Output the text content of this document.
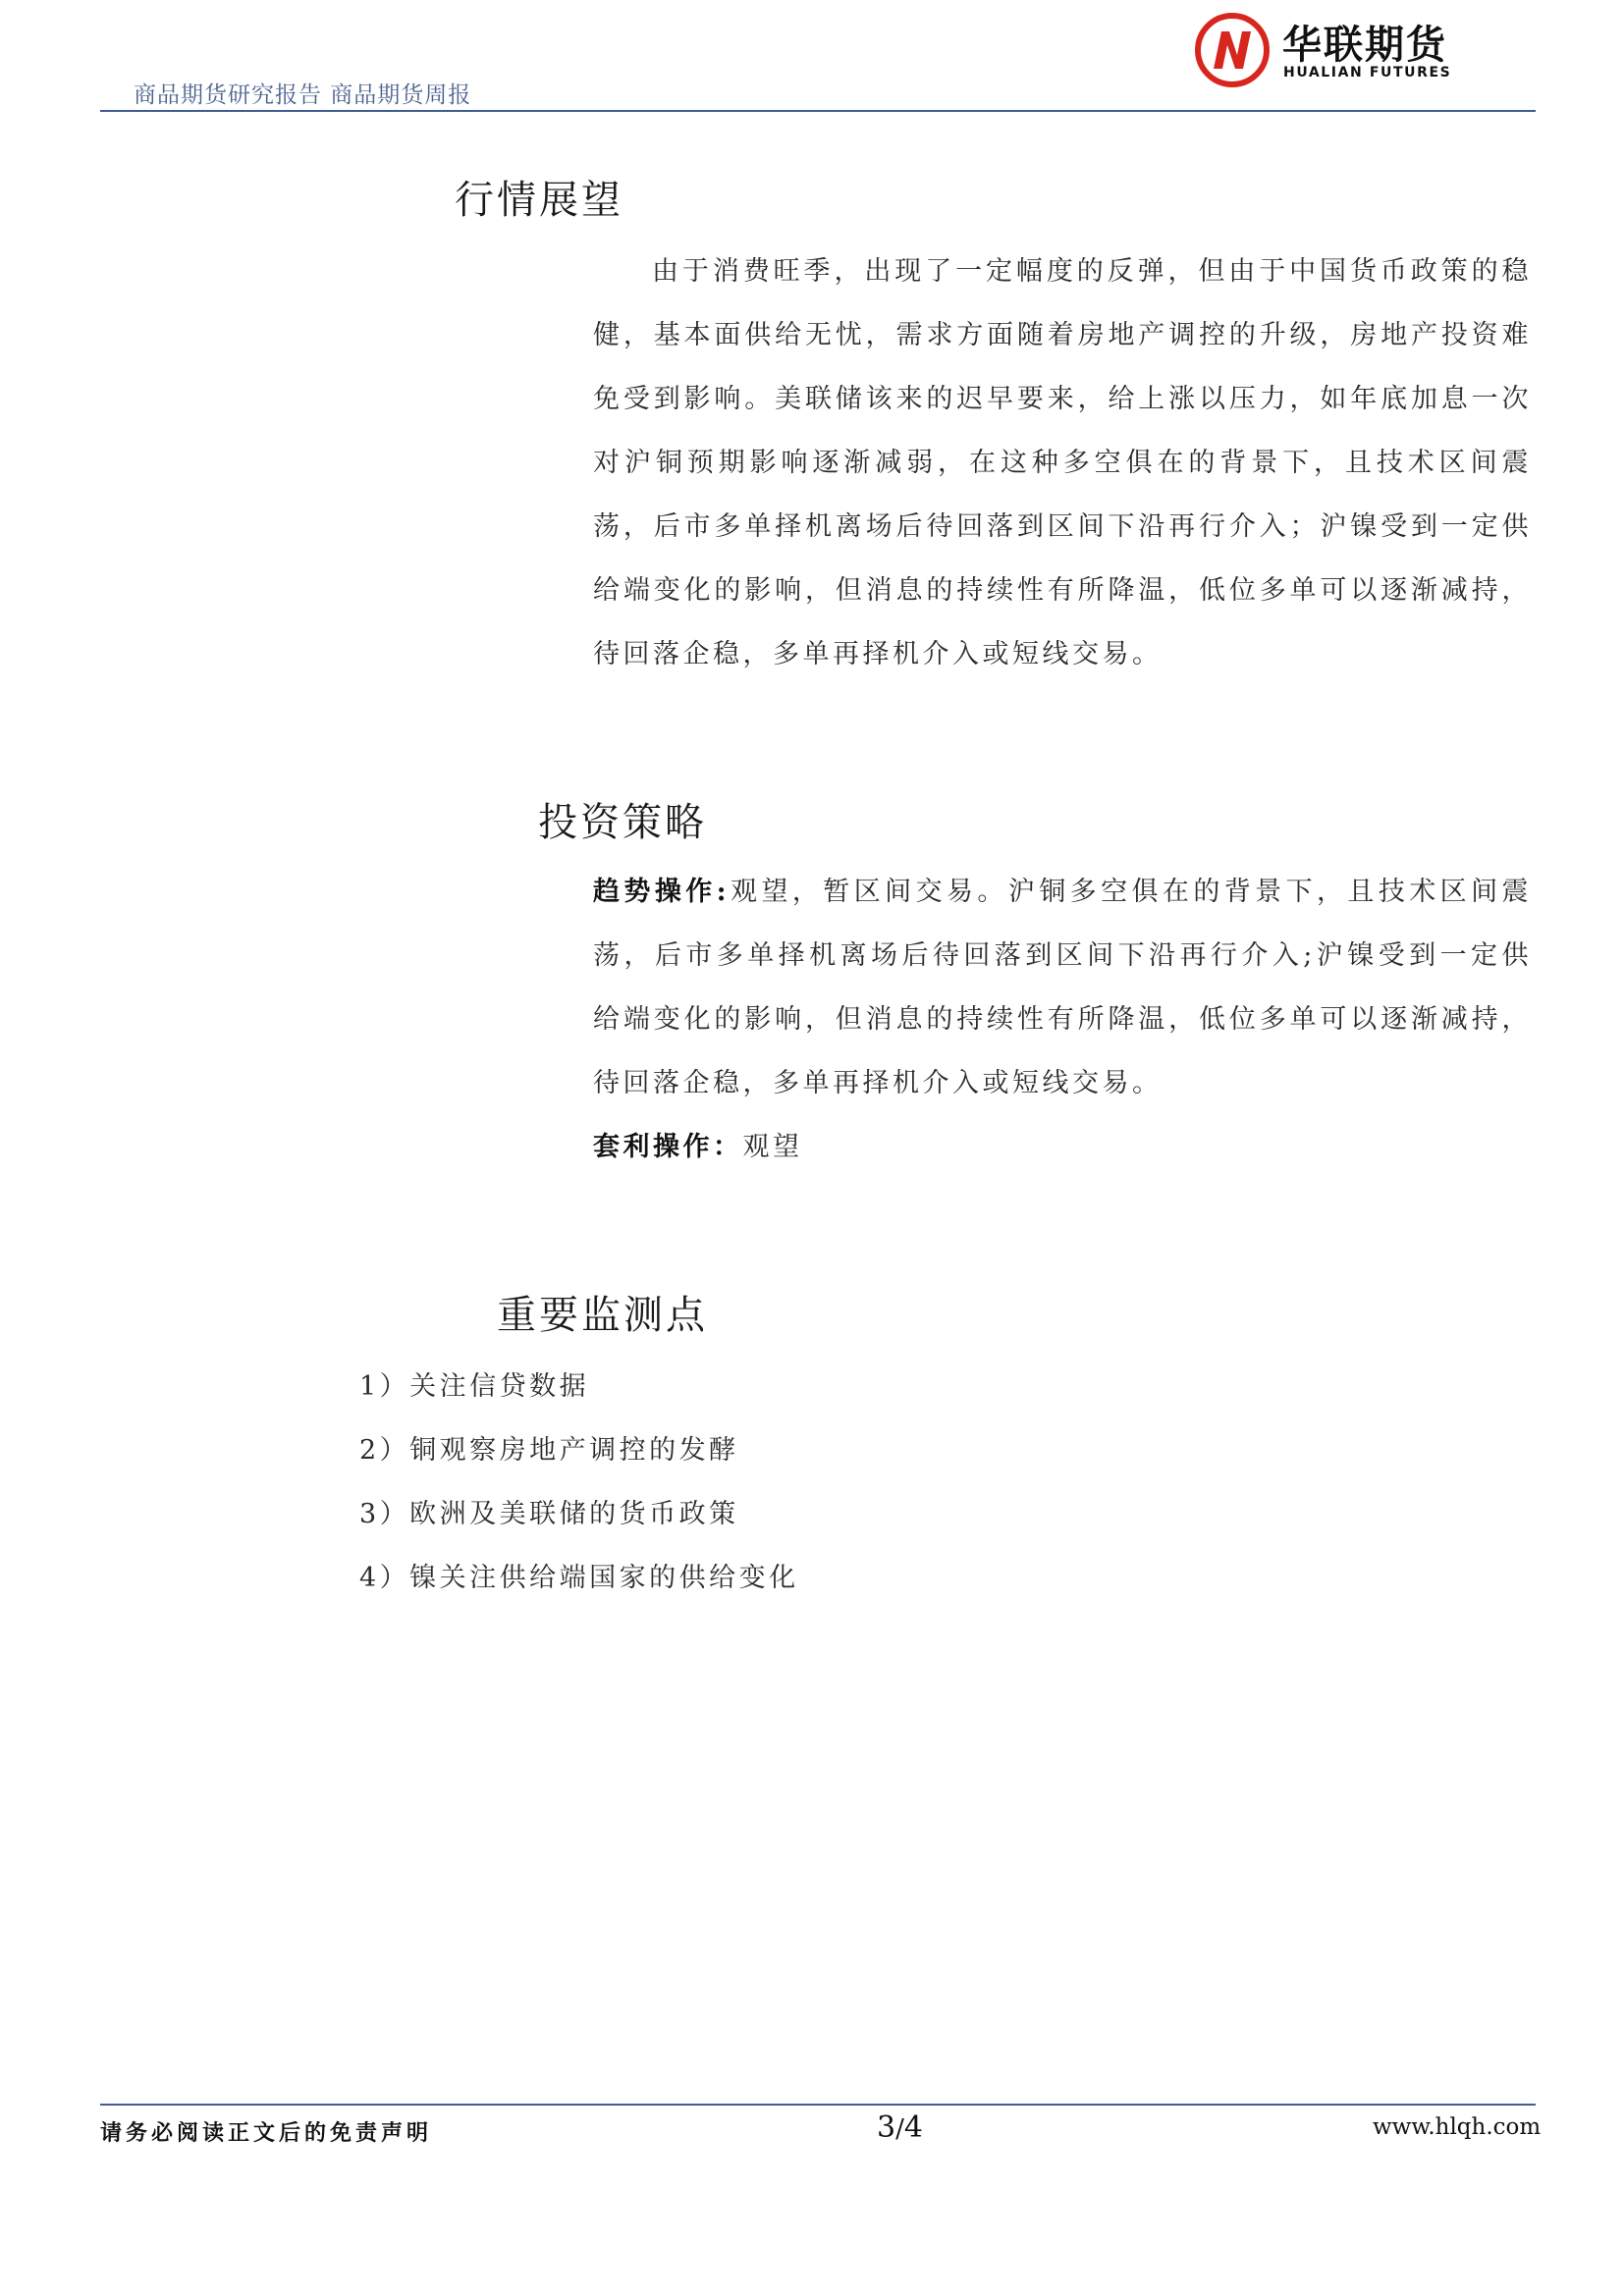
商品期货研究报告 商品期货周报
华联期货
HUALIAN FUTURES
行情展望
由于消费旺季，出现了一定幅度的反弹，但由于中国货币政策的稳健，基本面供给无忧，需求方面随着房地产调控的升级，房地产投资难免受到影响。美联储该来的迟早要来，给上涨以压力，如年底加息一次对沪铜预期影响逐渐减弱，在这种多空俱在的背景下，且技术区间震荡，后市多单择机离场后待回落到区间下沿再行介入；沪镍受到一定供给端变化的影响，但消息的持续性有所降温，低位多单可以逐渐减持，待回落企稳，多单再择机介入或短线交易。
投资策略
趋势操作:观望，暂区间交易。沪铜多空俱在的背景下，且技术区间震荡，后市多单择机离场后待回落到区间下沿再行介入;沪镍受到一定供给端变化的影响，但消息的持续性有所降温，低位多单可以逐渐减持，待回落企稳，多单再择机介入或短线交易。
套利操作：观望
重要监测点
1）关注信贷数据
2）铜观察房地产调控的发酵
3）欧洲及美联储的货币政策
4）镍关注供给端国家的供给变化
请务必阅读正文后的免责声明	3/4	www.hlqh.com
